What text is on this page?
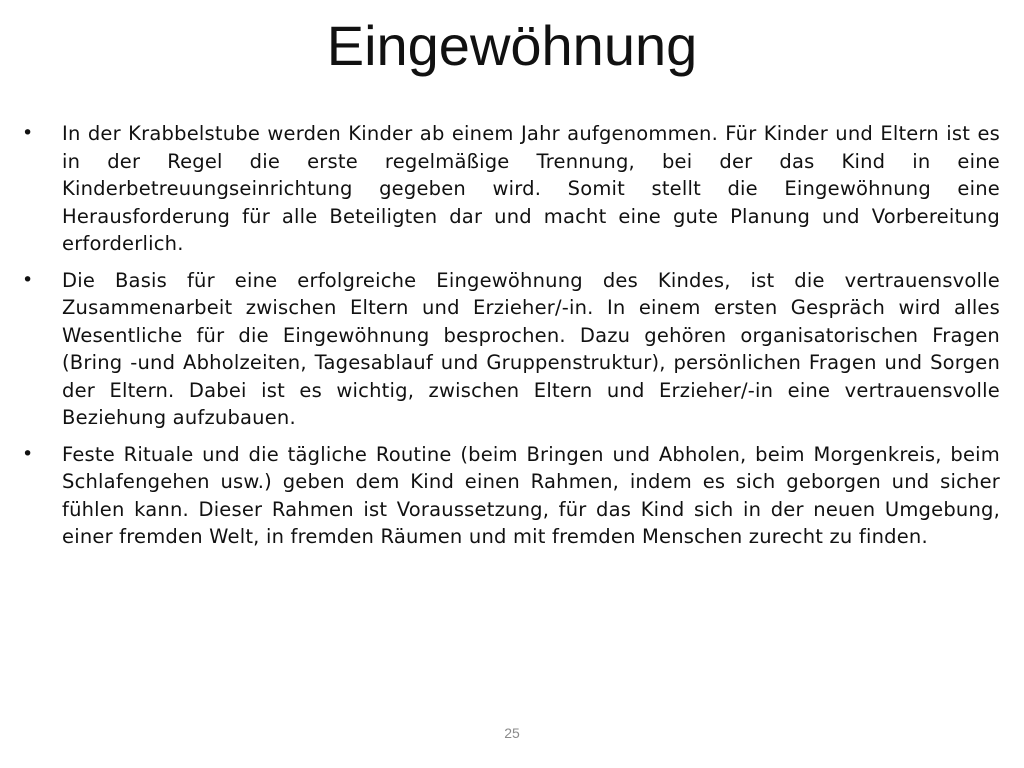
Eingewöhnung
• In der Krabbelstube werden Kinder ab einem Jahr aufgenommen. Für Kinder und Eltern ist es in der Regel die erste regelmäßige Trennung, bei der das Kind in eine Kinderbetreuungseinrichtung gegeben wird. Somit stellt die Eingewöhnung eine Herausforderung für alle Beteiligten dar und macht eine gute Planung und Vorbereitung erforderlich.
• Die Basis für eine erfolgreiche Eingewöhnung des Kindes, ist die vertrauensvolle Zusammenarbeit zwischen Eltern und Erzieher/-in. In einem ersten Gespräch wird alles Wesentliche für die Eingewöhnung besprochen. Dazu gehören organisatorischen Fragen (Bring -und Abholzeiten, Tagesablauf und Gruppenstruktur), persönlichen Fragen und Sorgen der Eltern. Dabei ist es wichtig, zwischen Eltern und Erzieher/-in eine vertrauensvolle Beziehung aufzubauen.
• Feste Rituale und die tägliche Routine (beim Bringen und Abholen, beim Morgenkreis, beim Schlafengehen usw.) geben dem Kind einen Rahmen, indem es sich geborgen und sicher fühlen kann. Dieser Rahmen ist Voraussetzung, für das Kind sich in der neuen Umgebung, einer fremden Welt, in fremden Räumen und mit fremden Menschen zurecht zu finden.
25
